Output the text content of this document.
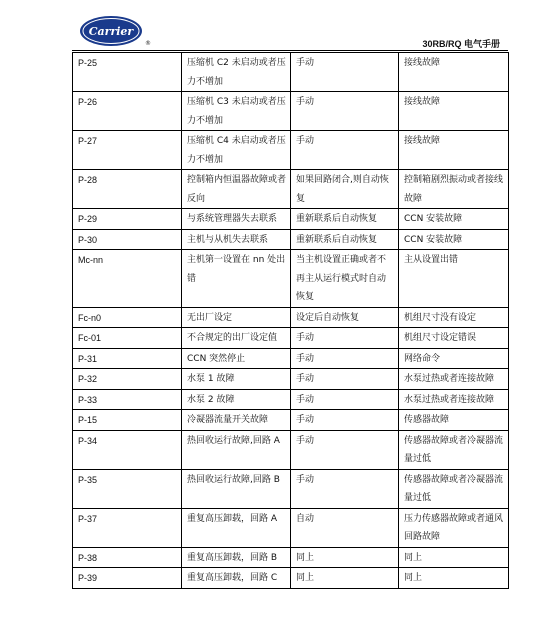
Carrier
®	30RB/RQ 电气手册
P-25	压缩机 C2 未启动或者压力不增加	手动	接线故障
P-26	压缩机 C3 未启动或者压力不增加	手动	接线故障
P-27	压缩机 C4 未启动或者压力不增加	手动	接线故障
P-28	控制箱内恒温器故障或者反向	如果回路闭合,则自动恢复	控制箱剧烈振动或者接线故障
P-29	与系统管理器失去联系	重新联系后自动恢复	CCN 安装故障
P-30	主机与从机失去联系	重新联系后自动恢复	CCN 安装故障
Mc-nn	主机第一设置在 nn 处出错	当主机设置正确或者不再主从运行模式时自动恢复	主从设置出错
Fc-n0	无出厂设定	设定后自动恢复	机组尺寸没有设定
Fc-01	不合规定的出厂设定值	手动	机组尺寸设定错误
P-31	CCN 突然停止	手动	网络命令
P-32	水泵 1 故障	手动	水泵过热或者连接故障
P-33	水泵 2 故障	手动	水泵过热或者连接故障
P-15	冷凝器流量开关故障	手动	传感器故障
P-34	热回收运行故障,回路 A	手动	传感器故障或者冷凝器流量过低
P-35	热回收运行故障,回路 B	手动	传感器故障或者冷凝器流量过低
P-37	重复高压卸载，回路 A	自动	压力传感器故障或者通风回路故障
P-38	重复高压卸载，回路 B	同上	同上
P-39	重复高压卸载，回路 C	同上	同上
